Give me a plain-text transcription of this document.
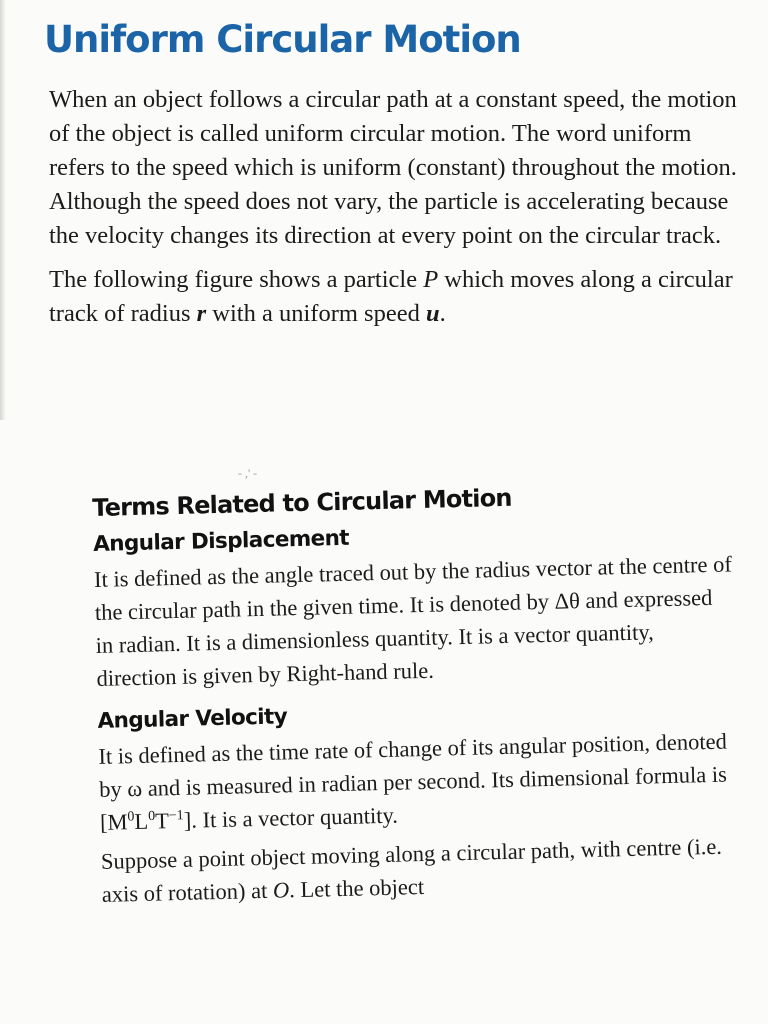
Uniform Circular Motion

When an object follows a circular path at a constant speed, the motion of the object is called uniform circular motion. The word uniform refers to the speed which is uniform (constant) throughout the motion. Although the speed does not vary, the particle is accelerating because the velocity changes its direction at every point on the circular track.

The following figure shows a particle P which moves along a circular track of radius r with a uniform speed u.

- ,' -
Terms Related to Circular Motion
Angular Displacement

It is defined as the angle traced out by the radius vector at the centre of the circular path in the given time. It is denoted by Δθ and expressed in radian. It is a dimensionless quantity. It is a vector quantity, direction is given by Right-hand rule.

Angular Velocity

It is defined as the time rate of change of its angular position, denoted by ω and is measured in radian per second. Its dimensional formula is $[M^0L^0T^{-1}]$. It is a vector quantity.

Suppose a point object moving along a circular path, with centre (i.e. axis of rotation) at O. Let the object
